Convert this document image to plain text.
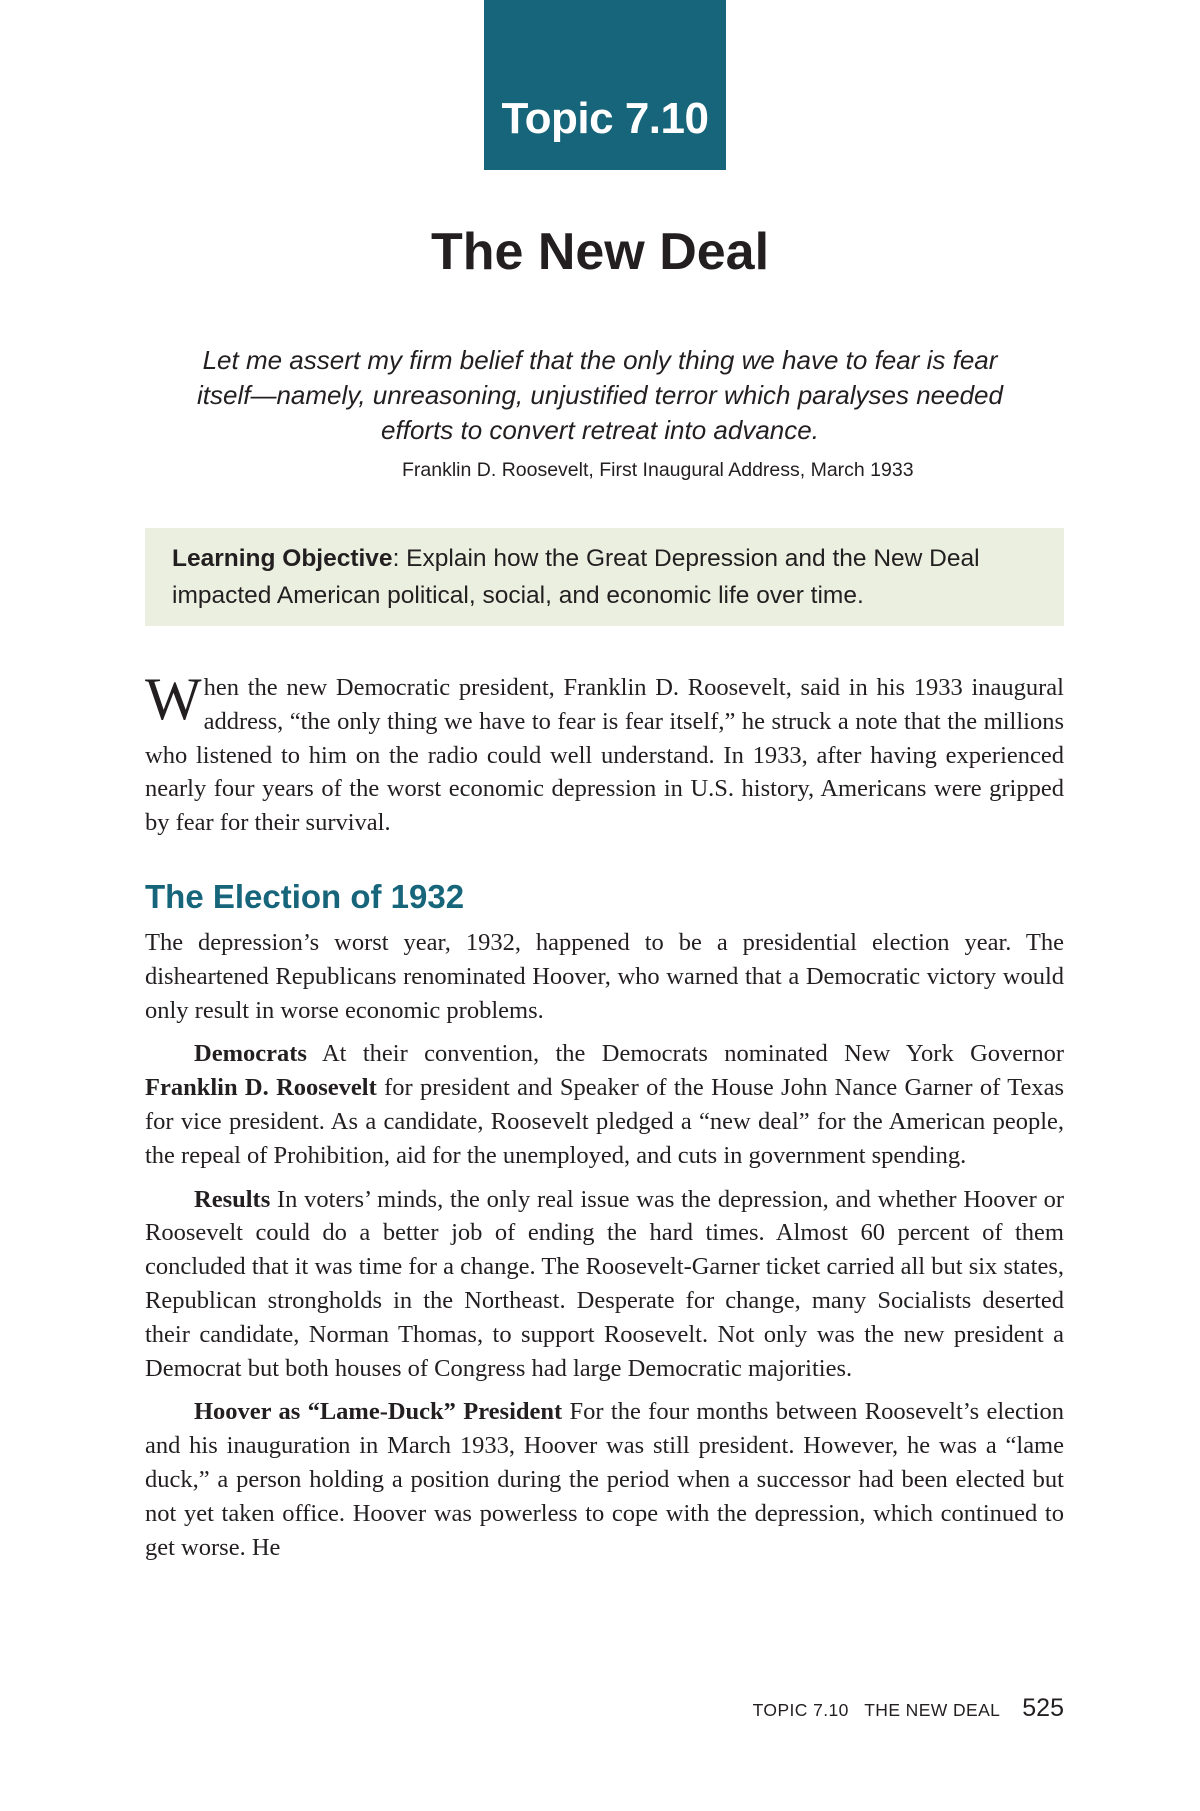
Topic 7.10
The New Deal
Let me assert my firm belief that the only thing we have to fear is fear itself—namely, unreasoning, unjustified terror which paralyses needed efforts to convert retreat into advance.
Franklin D. Roosevelt, First Inaugural Address, March 1933
Learning Objective: Explain how the Great Depression and the New Deal impacted American political, social, and economic life over time.

When the new Democratic president, Franklin D. Roosevelt, said in his 1933 inaugural address, “the only thing we have to fear is fear itself,” he struck a note that the millions who listened to him on the radio could well understand. In 1933, after having experienced nearly four years of the worst economic depression in U.S. history, Americans were gripped by fear for their survival.

The Election of 1932

The depression’s worst year, 1932, happened to be a presidential election year. The disheartened Republicans renominated Hoover, who warned that a Democratic victory would only result in worse economic problems.

Democrats At their convention, the Democrats nominated New York Governor Franklin D. Roosevelt for president and Speaker of the House John Nance Garner of Texas for vice president. As a candidate, Roosevelt pledged a “new deal” for the American people, the repeal of Prohibition, aid for the unemployed, and cuts in government spending.

Results In voters’ minds, the only real issue was the depression, and whether Hoover or Roosevelt could do a better job of ending the hard times. Almost 60 percent of them concluded that it was time for a change. The Roosevelt-Garner ticket carried all but six states, Republican strongholds in the Northeast. Desperate for change, many Socialists deserted their candidate, Norman Thomas, to support Roosevelt. Not only was the new president a Democrat but both houses of Congress had large Democratic majorities.

Hoover as “Lame-Duck” President For the four months between Roosevelt’s election and his inauguration in March 1933, Hoover was still president. However, he was a “lame duck,” a person holding a position during the period when a successor had been elected but not yet taken office. Hoover was powerless to cope with the depression, which continued to get worse. He

TOPIC 7.10   THE NEW DEAL 525
